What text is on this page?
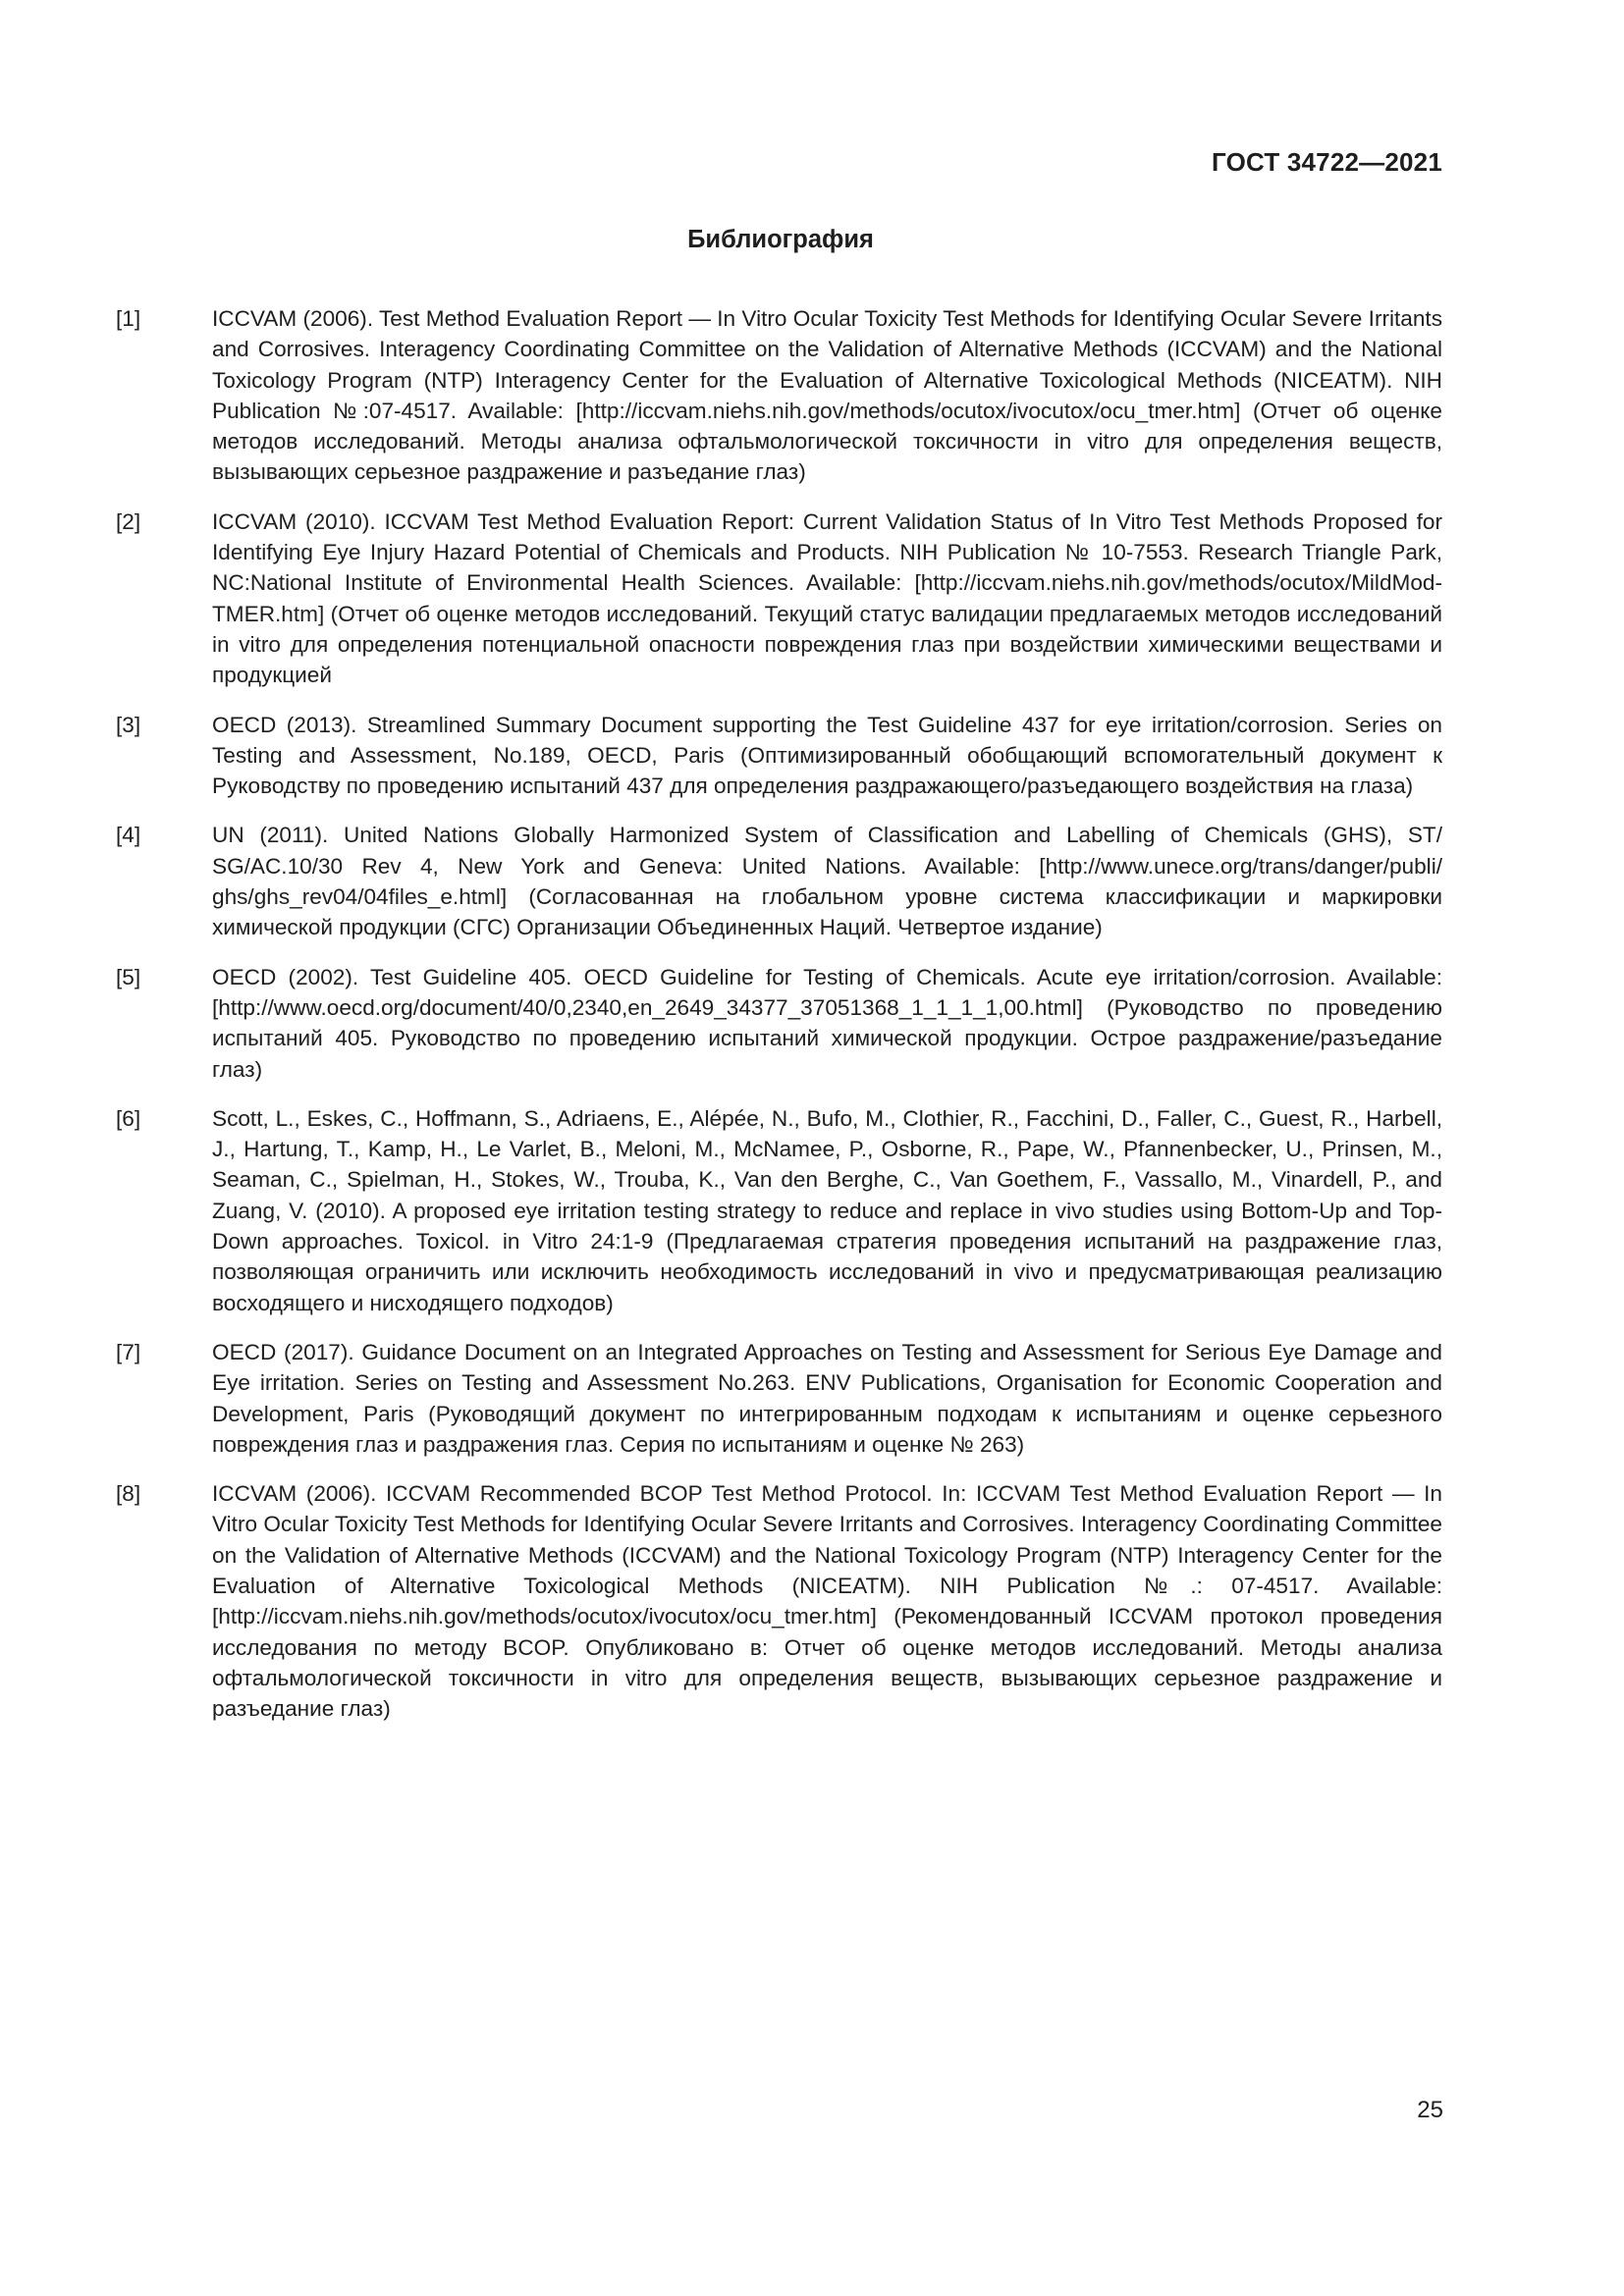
ГОСТ 34722—2021
Библиография
[1]	ICCVAM (2006). Test Method Evaluation Report — In Vitro Ocular Toxicity Test Methods for Identifying Ocular Severe Irritants and Corrosives. Interagency Coordinating Committee on the Validation of Alternative Methods (ICCVAM) and the National Toxicology Program (NTP) Interagency Center for the Evaluation of Alternative Toxicological Methods (NICEATM). NIH Publication №:07-4517. Available: [http://iccvam.niehs.nih.gov/methods/ocutox/ivocutox/ocu_tmer.htm] (Отчет об оценке методов исследований. Методы анализа офтальмологической токсичности in vitro для определения веществ, вызывающих серьезное раздражение и разъедание глаз)
[2]	ICCVAM (2010). ICCVAM Test Method Evaluation Report: Current Validation Status of In Vitro Test Methods Proposed for Identifying Eye Injury Hazard Potential of Chemicals and Products. NIH Publication № 10-7553. Research Triangle Park, NC:National Institute of Environmental Health Sciences. Available: [http://iccvam.niehs.​nih.gov/methods/ocutox/MildMod-TMER.htm] (Отчет об оценке методов исследований. Текущий статус валидации предлагаемых методов исследований in vitro для определения потенциальной опасности повреждения глаз при воздействии химическими веществами и продукцией
[3]	OECD (2013). Streamlined Summary Document supporting the Test Guideline 437 for eye irritation/corrosion. Series on Testing and Assessment, No.189, OECD, Paris (Оптимизированный обобщающий вспомогательный документ к Руководству по проведению испытаний 437 для определения раздражающего/разъедающего воздействия на глаза)
[4]	UN (2011). United Nations Globally Harmonized System of Classification and Labelling of Chemicals (GHS), ST/​SG/AC.10/30 Rev 4, New York and Geneva: United Nations. Available: [http://www.unece.org/trans/danger/publi/​ghs/ghs_rev04/04files_e.html] (Согласованная на глобальном уровне система классификации и маркировки химической продукции (СГС) Организации Объединенных Наций. Четвертое издание)
[5]	OECD (2002). Test Guideline 405. OECD Guideline for Testing of Chemicals. Acute eye irritation/corrosion. Available: [http://www.oecd.org/document/40/0,2340,en_2649_34377_37051368_1_1_1_1,00.html] (Руководство по проведению испытаний 405. Руководство по проведению испытаний химической продукции. Острое раздражение/разъедание глаз)
[6]	Scott, L., Eskes, C., Hoffmann, S., Adriaens, E., Alépée, N., Bufo, M., Clothier, R., Facchini, D., Faller, C., Guest, R., Harbell, J., Hartung, T., Kamp, H., Le Varlet, B., Meloni, M., McNamee, P., Osborne, R., Pape, W., Pfannenbecker, U., Prinsen, M., Seaman, C., Spielman, H., Stokes, W., Trouba, K., Van den Berghe, C., Van Goethem, F., Vassallo, M., Vinardell, P., and Zuang, V. (2010). A proposed eye irritation testing strategy to reduce and replace in vivo studies using Bottom-Up and Top-Down approaches. Toxicol. in Vitro 24:1-9 (Предлагаемая стратегия проведения испытаний на раздражение глаз, позволяющая ограничить или исключить необходимость исследований in vivo и предусматривающая реализацию восходящего и нисходящего подходов)
[7]	OECD (2017). Guidance Document on an Integrated Approaches on Testing and Assessment for Serious Eye Damage and Eye irritation. Series on Testing and Assessment No.263. ENV Publications, Organisation for Economic Cooperation and Development, Paris (Руководящий документ по интегрированным подходам к испытаниям и оценке серьезного повреждения глаз и раздражения глаз. Серия по испытаниям и оценке № 263)
[8]	ICCVAM (2006). ICCVAM Recommended BCOP Test Method Protocol. In: ICCVAM Test Method Evaluation Report — In Vitro Ocular Toxicity Test Methods for Identifying Ocular Severe Irritants and Corrosives. Interagency Coordinating Committee on the Validation of Alternative Methods (ICCVAM) and the National Toxicology Program (NTP) Interagency Center for the Evaluation of Alternative Toxicological Methods (NICEATM). NIH Publication №.: 07-4517. Available: [http://iccvam.niehs.nih.gov/methods/ocutox/ivocutox/ocu_tmer.htm] (Рекомендованный ICCVAM протокол проведения исследования по методу BCOP. Опубликовано в: Отчет об оценке методов исследований. Методы анализа офтальмологической токсичности in vitro для определения веществ, вызывающих серьезное раздражение и разъедание глаз)
25
